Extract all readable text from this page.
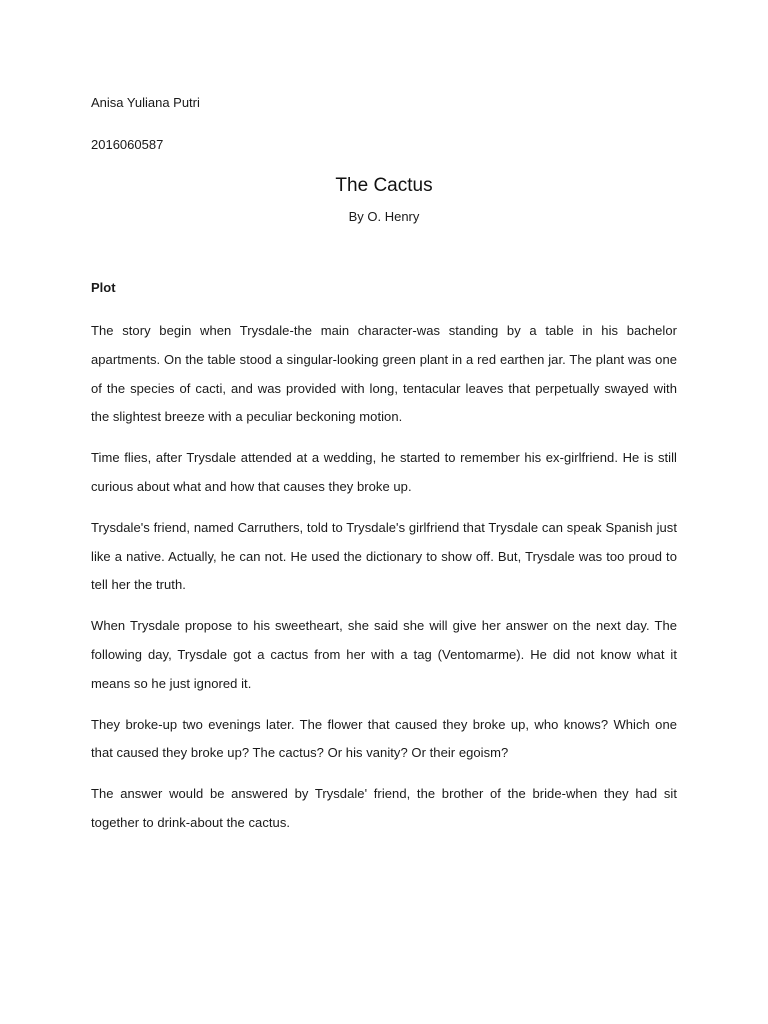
Anisa Yuliana Putri

2016060587

The Cactus

By O. Henry

Plot

The story begin when Trysdale-the main character-was standing by a table in his bachelor apartments. On the table stood a singular-looking green plant in a red earthen jar. The plant was one of the species of cacti, and was provided with long, tentacular leaves that perpetually swayed with the slightest breeze with a peculiar beckoning motion.

Time flies, after Trysdale attended at a wedding, he started to remember his ex-girlfriend. He is still curious about what and how that causes they broke up.

Trysdale's friend, named Carruthers, told to Trysdale's girlfriend that Trysdale can speak Spanish just like a native. Actually, he can not. He used the dictionary to show off. But, Trysdale was too proud to tell her the truth.

When Trysdale propose to his sweetheart, she said she will give her answer on the next day. The following day, Trysdale got a cactus from her with a tag (Ventomarme). He did not know what it means so he just ignored it.

They broke-up two evenings later. The flower that caused they broke up, who knows? Which one that caused they broke up? The cactus? Or his vanity? Or their egoism?

The answer would be answered by Trysdale' friend, the brother of the bride-when they had sit together to drink-about the cactus.
